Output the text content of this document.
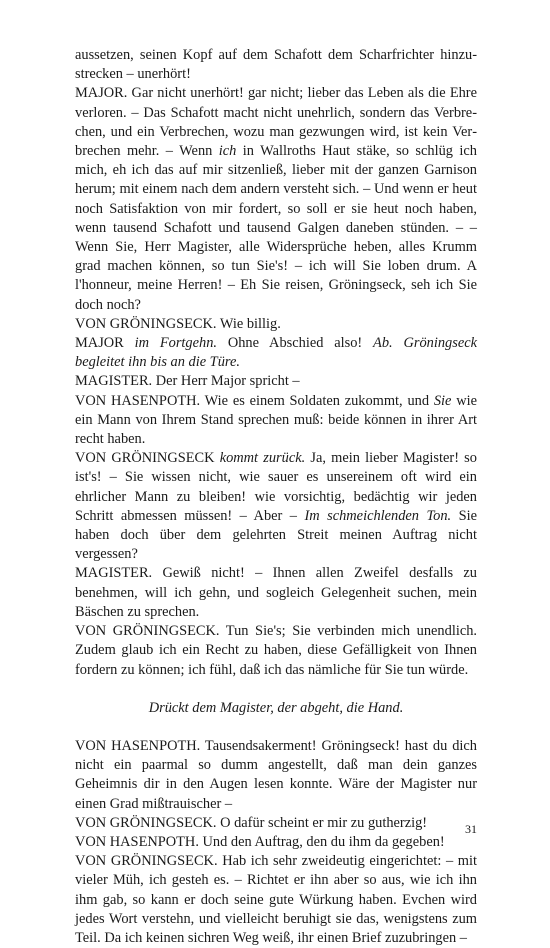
aussetzen, seinen Kopf auf dem Schafott dem Scharfrichter hinzustrecken – unerhört!

MAJOR. Gar nicht unerhört! gar nicht; lieber das Leben als die Ehre verloren. – Das Schafott macht nicht unehrlich, sondern das Verbrechen, und ein Verbrechen, wozu man gezwungen wird, ist kein Verbrechen mehr. – Wenn ich in Wallroths Haut stäke, so schlüg ich mich, eh ich das auf mir sitzenließ, lieber mit der ganzen Garnison herum; mit einem nach dem andern versteht sich. – Und wenn er heut noch Satisfaktion von mir fordert, so soll er sie heut noch haben, wenn tausend Schafott und tausend Galgen daneben stünden. – – Wenn Sie, Herr Magister, alle Widersprüche heben, alles Krumm grad machen können, so tun Sie's! – ich will Sie loben drum. A l'honneur, meine Herren! – Eh Sie reisen, Gröningseck, seh ich Sie doch noch?

VON GRÖNINGSECK. Wie billig.

MAJOR im Fortgehn. Ohne Abschied also! Ab. Gröningseck begleitet ihn bis an die Türe.

MAGISTER. Der Herr Major spricht –

VON HASENPOTH. Wie es einem Soldaten zukommt, und Sie wie ein Mann von Ihrem Stand sprechen muß: beide können in ihrer Art recht haben.

VON GRÖNINGSECK kommt zurück. Ja, mein lieber Magister! so ist's! – Sie wissen nicht, wie sauer es unsereinem oft wird ein ehrlicher Mann zu bleiben! wie vorsichtig, bedächtig wir jeden Schritt abmessen müssen! – Aber – Im schmeichlenden Ton. Sie haben doch über dem gelehrten Streit meinen Auftrag nicht vergessen?

MAGISTER. Gewiß nicht! – Ihnen allen Zweifel desfalls zu benehmen, will ich gehn, und sogleich Gelegenheit suchen, mein Bäschen zu sprechen.

VON GRÖNINGSECK. Tun Sie's; Sie verbinden mich unendlich. Zudem glaub ich ein Recht zu haben, diese Gefälligkeit von Ihnen fordern zu können; ich fühl, daß ich das nämliche für Sie tun würde.

Drückt dem Magister, der abgeht, die Hand.

VON HASENPOTH. Tausendsakerment! Gröningseck! hast du dich nicht ein paarmal so dumm angestellt, daß man dein ganzes Geheimnis dir in den Augen lesen konnte. Wäre der Magister nur einen Grad mißtrauischer –

VON GRÖNINGSECK. O dafür scheint er mir zu gutherzig!

VON HASENPOTH. Und den Auftrag, den du ihm da gegeben!

VON GRÖNINGSECK. Hab ich sehr zweideutig eingerichtet: – mit vieler Müh, ich gesteh es. – Richtet er ihn aber so aus, wie ich ihn ihm gab, so kann er doch seine gute Würkung haben. Evchen wird jedes Wort verstehn, und vielleicht beruhigt sie das, wenigstens zum Teil. Da ich keinen sichren Weg weiß, ihr einen Brief zuzubringen –

31
